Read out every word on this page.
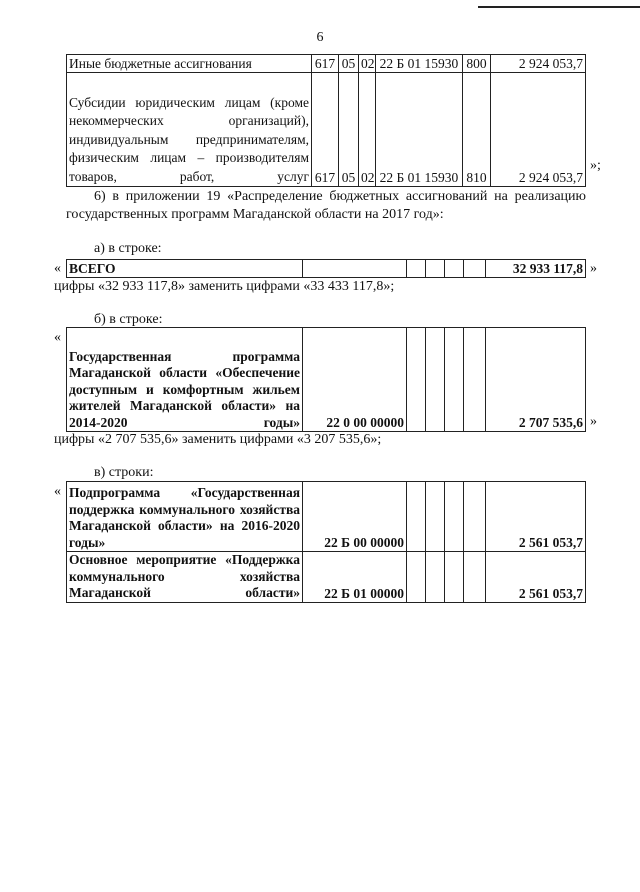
6
Иные бюджетные ассигнования	617	05	02	22 Б 01 15930	800	2 924 053,7
Субсидии юридическим лицам (кроме некоммерческих организаций), индивидуальным предпринимателям, физическим лицам – производителям товаров, работ, услуг	617	05	02	22 Б 01 15930	810	2 924 053,7
»;
6) в приложении 19 «Распределение бюджетных ассигнований на реализацию государственных программ Магаданской области на 2017 год»:
а) в строке:
« ВСЕГО						32 933 117,8 »
цифры «32 933 117,8» заменить цифрами «33 433 117,8»;
б) в строке:
«
Государственная программа Магаданской области «Обеспечение доступным и комфортным жильем жителей Магаданской области» на 2014-2020 годы»	22 0 00 00000					2 707 535,6 »
цифры «2 707 535,6» заменить цифрами «3 207 535,6»;
в) строки:
« Подпрограмма «Государственная поддержка коммунального хозяйства Магаданской области» на 2016-2020 годы»	22 Б 00 00000					2 561 053,7
Основное мероприятие «Поддержка коммунального хозяйства Магаданской области»	22 Б 01 00000					2 561 053,7
